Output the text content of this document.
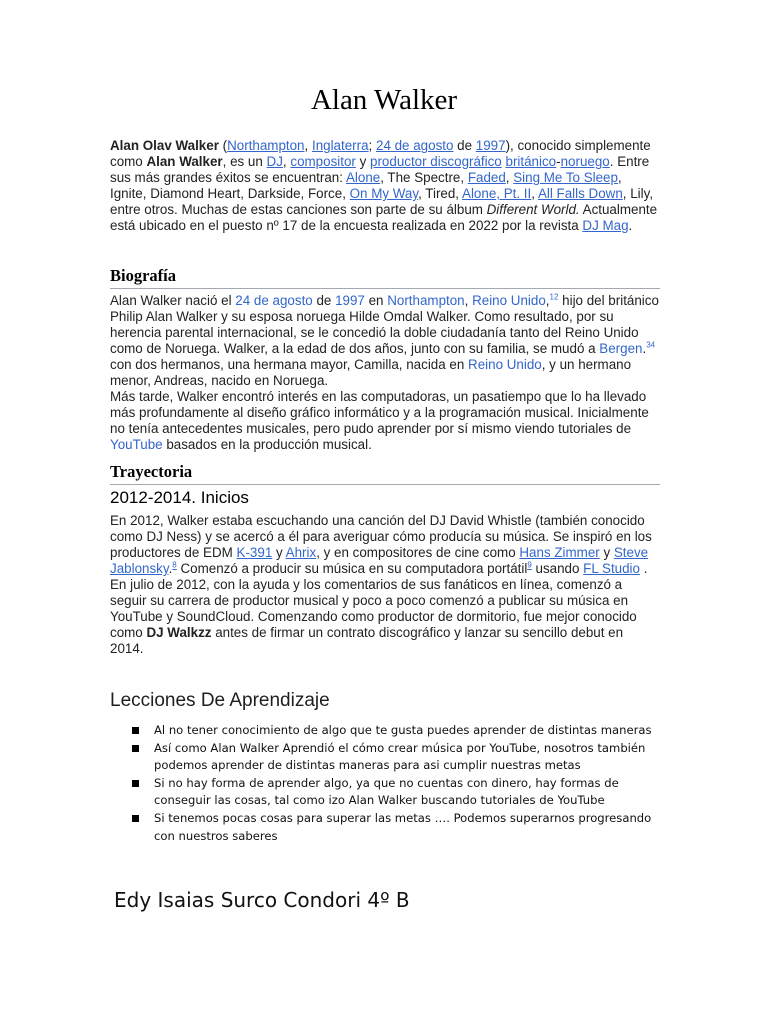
Alan Walker

Alan Olav Walker (Northampton, Inglaterra; 24 de agosto de 1997), conocido simplemente como Alan Walker, es un DJ, compositor y productor discográfico británico-noruego. Entre sus más grandes éxitos se encuentran: Alone, The Spectre, Faded, Sing Me To Sleep, Ignite, Diamond Heart, Darkside, Force, On My Way, Tired, Alone, Pt. II, All Falls Down, Lily, entre otros. Muchas de estas canciones son parte de su álbum Different World. Actualmente está ubicado en el puesto nº 17 de la encuesta realizada en 2022 por la revista DJ Mag.

Biografía

Alan Walker nació el 24 de agosto de 1997 en Northampton, Reino Unido,$^{12}$ hijo del británico Philip Alan Walker y su esposa noruega Hilde Omdal Walker. Como resultado, por su herencia parental internacional, se le concedió la doble ciudadanía tanto del Reino Unido como de Noruega. Walker, a la edad de dos años, junto con su familia, se mudó a Bergen.$^{34}$ con dos hermanos, una hermana mayor, Camilla, nacida en Reino Unido, y un hermano menor, Andreas, nacido en Noruega.

Más tarde, Walker encontró interés en las computadoras, un pasatiempo que lo ha llevado más profundamente al diseño gráfico informático y a la programación musical. Inicialmente no tenía antecedentes musicales, pero pudo aprender por sí mismo viendo tutoriales de YouTube basados en la producción musical.

Trayectoria
2012-2014. Inicios

En 2012, Walker estaba escuchando una canción del DJ David Whistle (también conocido como DJ Ness) y se acercó a él para averiguar cómo producía su música. Se inspiró en los productores de EDM K-391 y Ahrix, y en compositores de cine como Hans Zimmer y Steve Jablonsky.$^8$ Comenzó a producir su música en su computadora portátil$^9$ usando FL Studio . En julio de 2012, con la ayuda y los comentarios de sus fanáticos en línea, comenzó a seguir su carrera de productor musical y poco a poco comenzó a publicar su música en YouTube y SoundCloud. Comenzando como productor de dormitorio, fue mejor conocido como DJ Walkzz antes de firmar un contrato discográfico y lanzar su sencillo debut en 2014.

Lecciones De Aprendizaje
Al no tener conocimiento de algo que te gusta puedes aprender de distintas maneras
Así como Alan Walker Aprendió el cómo crear música por YouTube, nosotros también podemos aprender de distintas maneras para asi cumplir nuestras metas
Si no hay forma de aprender algo, ya que no cuentas con dinero, hay formas de conseguir las cosas, tal como izo Alan Walker buscando tutoriales de YouTube
Si tenemos pocas cosas para superar las metas …. Podemos superarnos progresando con nuestros saberes

Edy Isaias Surco Condori 4º B
